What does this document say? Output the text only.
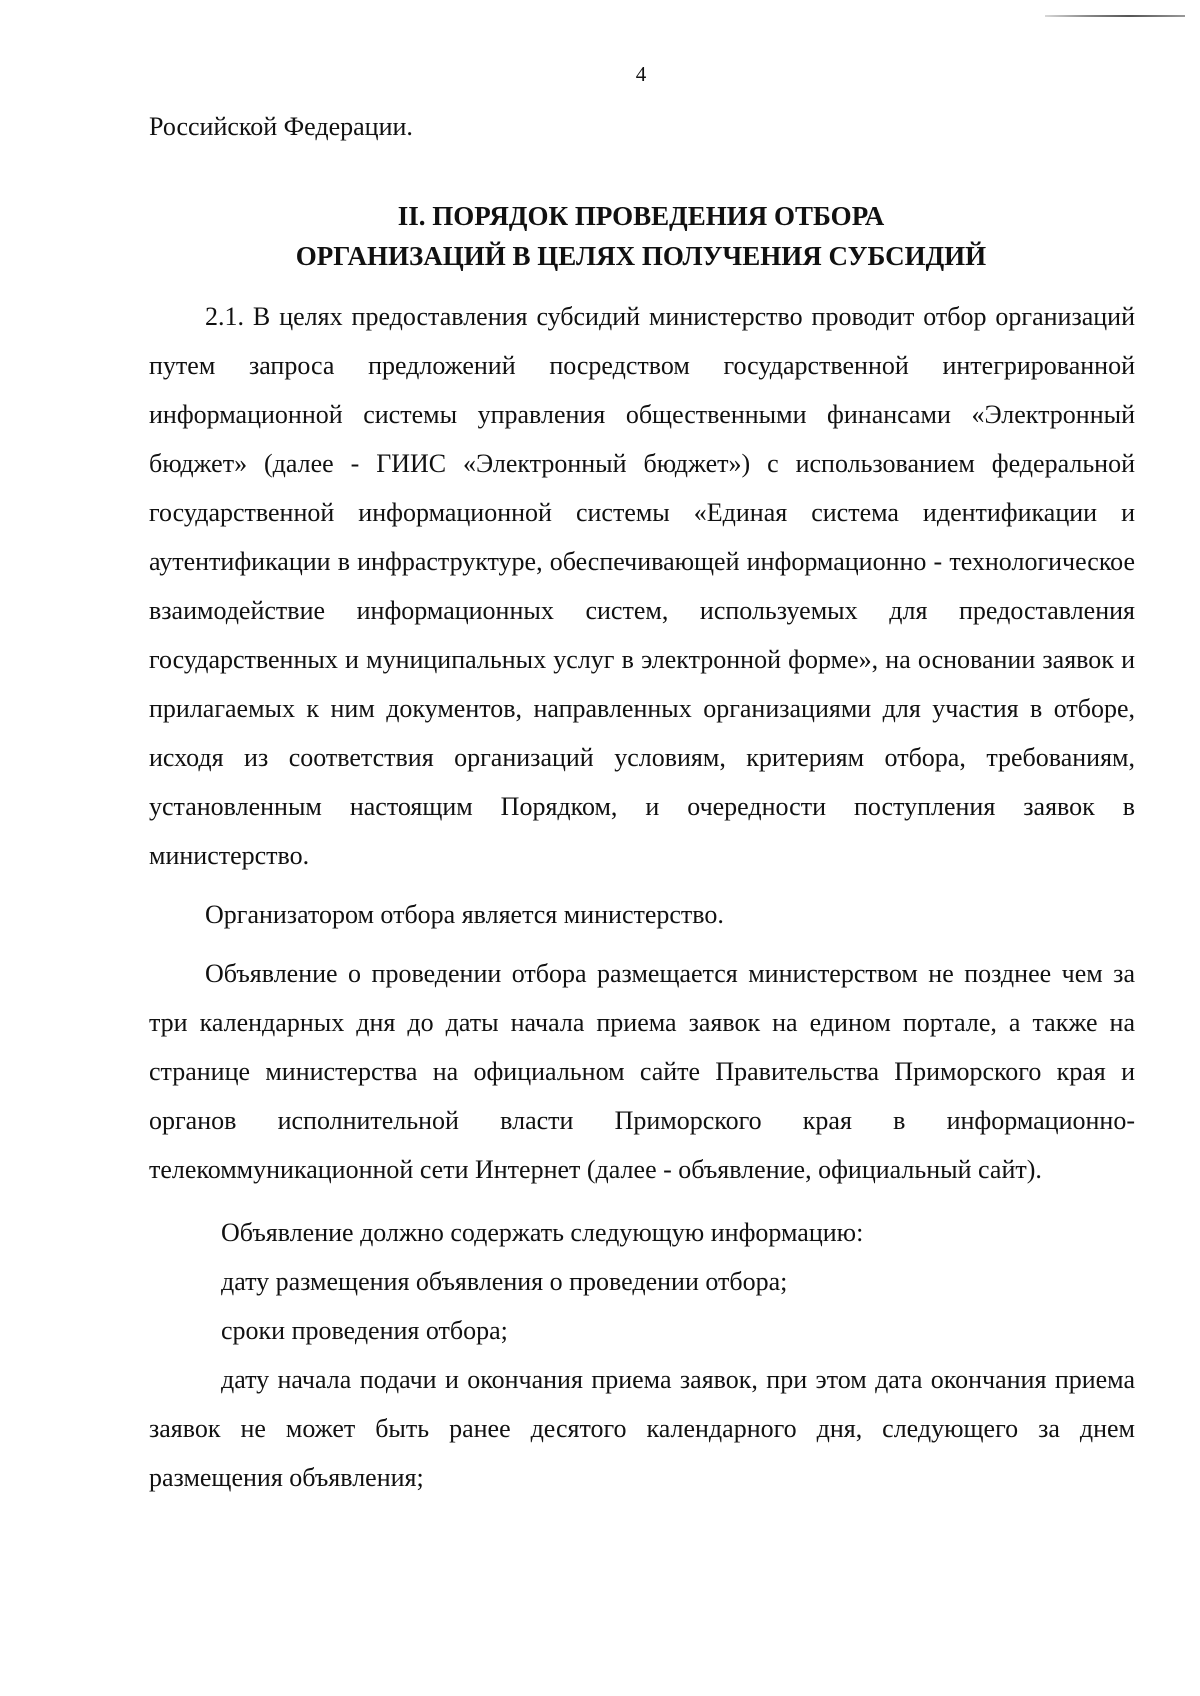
4
Российской Федерации.
II. ПОРЯДОК ПРОВЕДЕНИЯ ОТБОРА
ОРГАНИЗАЦИЙ В ЦЕЛЯХ ПОЛУЧЕНИЯ СУБСИДИЙ

2.1. В целях предоставления субсидий министерство проводит отбор организаций путем запроса предложений посредством государственной интегрированной информационной системы управления общественными финансами «Электронный бюджет» (далее - ГИИС «Электронный бюджет») с использованием федеральной государственной информационной системы «Единая система идентификации и аутентификации в инфраструктуре, обеспечивающей информационно - технологическое взаимодействие информационных систем, используемых для предоставления государственных и муниципальных услуг в электронной форме», на основании заявок и прилагаемых к ним документов, направленных организациями для участия в отборе, исходя из соответствия организаций условиям, критериям отбора, требованиям, установленным настоящим Порядком, и очередности поступления заявок в министерство.

Организатором отбора является министерство.

Объявление о проведении отбора размещается министерством не позднее чем за три календарных дня до даты начала приема заявок на едином портале, а также на странице министерства на официальном сайте Правительства Приморского края и органов исполнительной власти Приморского края в информационно-телекоммуникационной сети Интернет (далее - объявление, официальный сайт).

Объявление должно содержать следующую информацию:

дату размещения объявления о проведении отбора;

сроки проведения отбора;

дату начала подачи и окончания приема заявок, при этом дата окончания приема заявок не может быть ранее десятого календарного дня, следующего за днем размещения объявления;
